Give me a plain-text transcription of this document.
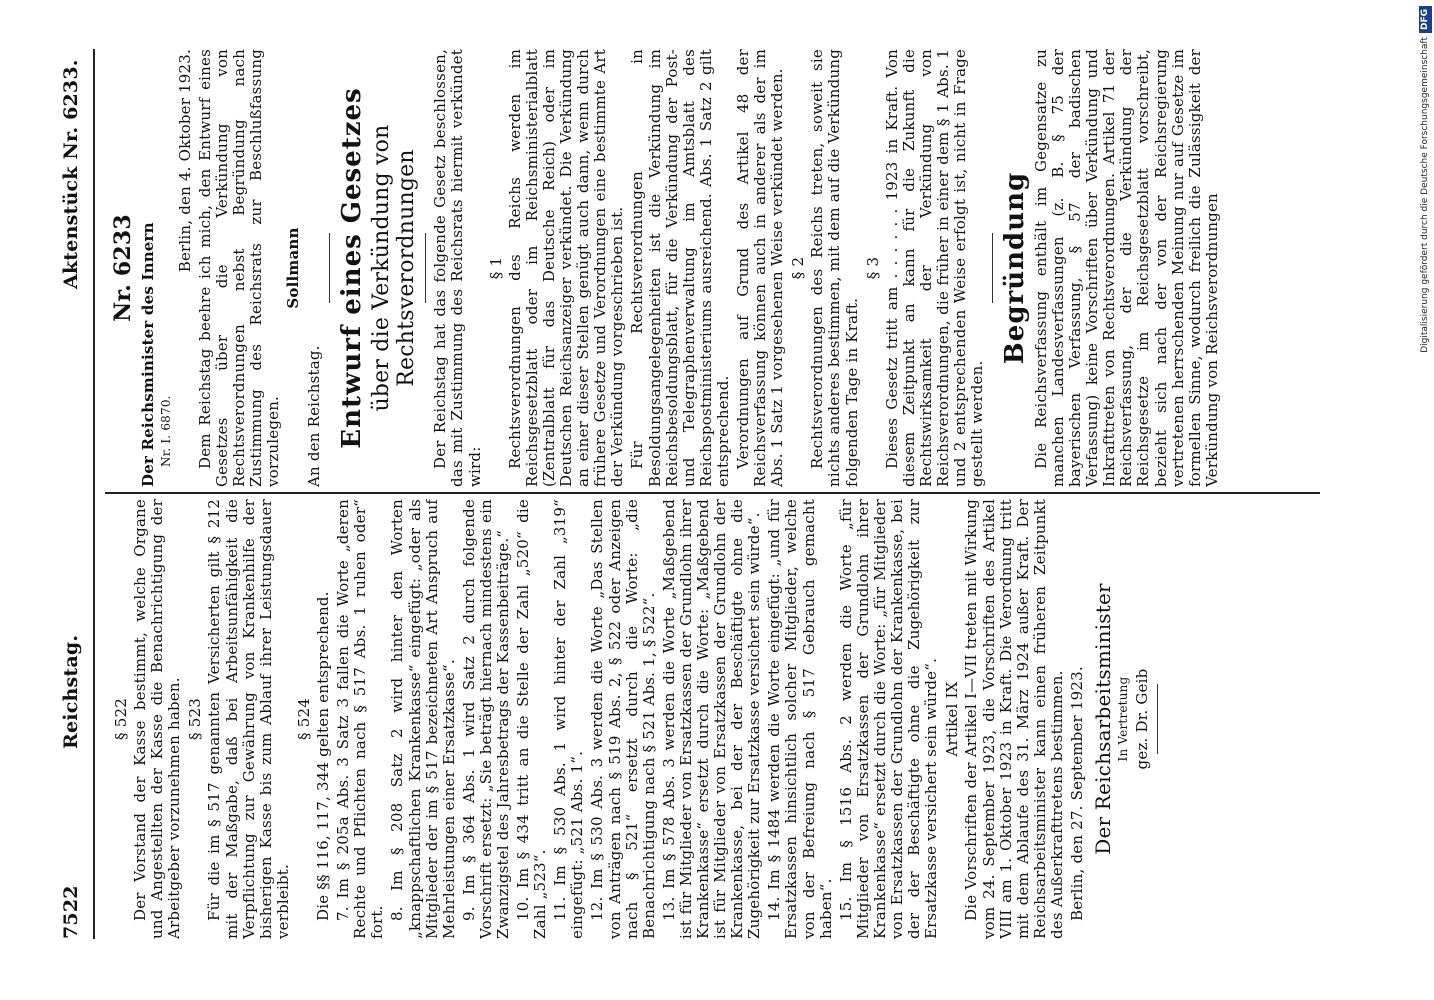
7522
Reichstag.
Aktenstück Nr. 6233.

§ 522 Der Vorstand der Kasse bestimmt, welche Organe und Angestellten der Kasse die Benachrichtigung der Arbeitgeber vorzunehmen haben. § 523 Für die im § 517 genannten Versicherten gilt § 212 mit der Maßgabe, daß bei Arbeitsunfähigkeit die Verpflichtung zur Gewährung von Krankenhilfe der bisherigen Kasse bis zum Ablauf ihrer Leistungsdauer verbleibt.

§ 524 Die §§ 116, 117, 344 gelten entsprechend. 7. Im § 205a Abs. 3 Satz 3 fallen die Worte „deren Rechte und Pflichten nach § 517 Abs. 1 ruhen oder“ fort.

8. Im § 208 Satz 2 wird hinter den Worten „knappschaftlichen Krankenkasse“ eingefügt: „oder als Mitglieder der im § 517 bezeichneten Art Anspruch auf Mehrleistungen einer Ersatzkasse“. 9. Im § 364 Abs. 1 wird Satz 2 durch folgende Vorschrift ersetzt: „Sie beträgt hiernach mindestens ein Zwanzigstel des Jahresbetrags der Kassenbeiträge.“ 10. Im § 434 tritt an die Stelle der Zahl „520“ die Zahl „523“. 11. Im § 530 Abs. 1 wird hinter der Zahl „319“ eingefügt: „521 Abs. 1“. 12. Im § 530 Abs. 3 werden die Worte „Das Stellen von Anträgen nach § 519 Abs. 2, § 522 oder Anzeigen nach § 521“ ersetzt durch die Worte: „die Benachrichtigung nach § 521 Abs. 1, § 522“. 13. Im § 578 Abs. 3 werden die Worte „Maßgebend ist für Mitglieder von Ersatzkassen der Grundlohn ihrer Krankenkasse“ ersetzt durch die Worte: „Maßgebend ist für Mitglieder von Ersatzkassen der Grundlohn der Krankenkasse, bei der der Beschäftigte ohne die Zugehörigkeit zur Ersatzkasse versichert sein würde“. 14. Im § 1484 werden die Worte eingefügt: „und für Ersatzkassen hinsichtlich solcher Mitglieder, welche von der Befreiung nach § 517 Gebrauch gemacht haben“. 15. Im § 1516 Abs. 2 werden die Worte „für Mitglieder von Ersatzkassen der Grundlohn ihrer Krankenkasse“ ersetzt durch die Worte: „für Mitglieder von Ersatzkassen der Grundlohn der Krankenkasse, bei der der Beschäftigte ohne die Zugehörigkeit zur Ersatzkasse versichert sein würde“. Artikel IX Die Vorschriften der Artikel I—VII treten mit Wirkung vom 24. September 1923, die Vorschriften des Artikel VIII am 1. Oktober 1923 in Kraft. Die Verordnung tritt mit dem Ablaufe des 31. März 1924 außer Kraft. Der Reichsarbeitsminister kann einen früheren Zeitpunkt des Außerkrafttretens bestimmen. Berlin, den 27. September 1923. Der Reichsarbeitsminister In Vertretung gez. Dr. Geib

Nr. 6233 Der Reichsminister des Innern Nr. I. 6870.

Berlin, den 4. Oktober 1923. Dem Reichstag beehre ich mich, den Entwurf eines Gesetzes über die Verkündung von Rechtsverordnungen nebst Begründung nach Zustimmung des Reichsrats zur Beschlußfassung vorzulegen.

Sollmann

An den Reichstag. Entwurf eines Gesetzes über die Verkündung von Rechtsverordnungen Der Reichstag hat das folgende Gesetz beschlossen, das mit Zustimmung des Reichsrats hiermit verkündet wird:

§ 1 Rechtsverordnungen des Reichs werden im Reichsgesetzblatt oder im Reichsministerialblatt (Zentralblatt für das Deutsche Reich) oder im Deutschen Reichsanzeiger verkündet. Die Verkündung an einer dieser Stellen genügt auch dann, wenn durch frühere Gesetze und Verordnungen eine bestimmte Art der Verkündung vorgeschrieben ist. Für Rechtsverordnungen in Besoldungsangelegenheiten ist die Verkündung im Reichsbesoldungsblatt, für die Verkündung der Post- und Telegraphenverwaltung im Amtsblatt des Reichspostministeriums ausreichend. Abs. 1 Satz 2 gilt entsprechend. Verordnungen auf Grund des Artikel 48 der Reichsverfassung können auch in anderer als der im Abs. 1 Satz 1 vorgesehenen Weise verkündet werden. § 2 Rechtsverordnungen des Reichs treten, soweit sie nichts anderes bestimmen, mit dem auf die Verkündung folgenden Tage in Kraft.

§ 3 Dieses Gesetz tritt am . . . . . . 1923 in Kraft. Von diesem Zeitpunkt an kann für die Zukunft die Rechtswirksamkeit der Verkündung von Reichsverordnungen, die früher in einer dem § 1 Abs. 1 und 2 entsprechenden Weise erfolgt ist, nicht in Frage gestellt werden.

Begründung Die Reichsverfassung enthält im Gegensatze zu manchen Landesverfassungen (z. B. § 75 der bayerischen Verfassung, § 57 der badischen Verfassung) keine Vorschriften über Verkündung und Inkrafttreten von Rechtsverordnungen. Artikel 71 der Reichsverfassung, der die Verkündung der Reichsgesetze im Reichsgesetzblatt vorschreibt, bezieht sich nach der von der Reichsregierung vertretenen herrschenden Meinung nur auf Gesetze im formellen Sinne, wodurch freilich die Zulässigkeit der Verkündung von Reichsverordnungen	Digitalisierung gefördert durch die Deutsche ForschungsgemeinschaftDFG
